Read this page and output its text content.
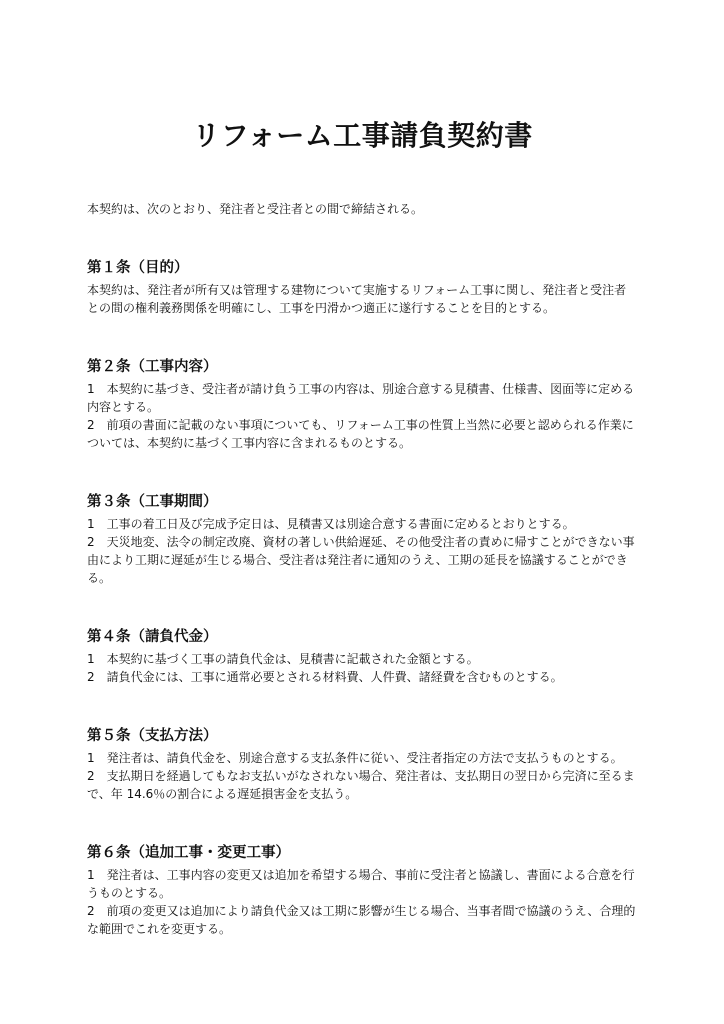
リフォーム工事請負契約書

本契約は、次のとおり、発注者と受注者との間で締結される。

第１条（目的）

本契約は、発注者が所有又は管理する建物について実施するリフォーム工事に関し、発注者と受注者との間の権利義務関係を明確にし、工事を円滑かつ適正に遂行することを目的とする。

第２条（工事内容）

1　本契約に基づき、受注者が請け負う工事の内容は、別途合意する見積書、仕様書、図面等に定める内容とする。

2　前項の書面に記載のない事項についても、リフォーム工事の性質上当然に必要と認められる作業については、本契約に基づく工事内容に含まれるものとする。

第３条（工事期間）

1　工事の着工日及び完成予定日は、見積書又は別途合意する書面に定めるとおりとする。

2　天災地変、法令の制定改廃、資材の著しい供給遅延、その他受注者の責めに帰すことができない事由により工期に遅延が生じる場合、受注者は発注者に通知のうえ、工期の延長を協議することができる。

第４条（請負代金）

1　本契約に基づく工事の請負代金は、見積書に記載された金額とする。

2　請負代金には、工事に通常必要とされる材料費、人件費、諸経費を含むものとする。

第５条（支払方法）

1　発注者は、請負代金を、別途合意する支払条件に従い、受注者指定の方法で支払うものとする。

2　支払期日を経過してもなお支払いがなされない場合、発注者は、支払期日の翌日から完済に至るまで、年 14.6％の割合による遅延損害金を支払う。

第６条（追加工事・変更工事）

1　発注者は、工事内容の変更又は追加を希望する場合、事前に受注者と協議し、書面による合意を行うものとする。

2　前項の変更又は追加により請負代金又は工期に影響が生じる場合、当事者間で協議のうえ、合理的な範囲でこれを変更する。
